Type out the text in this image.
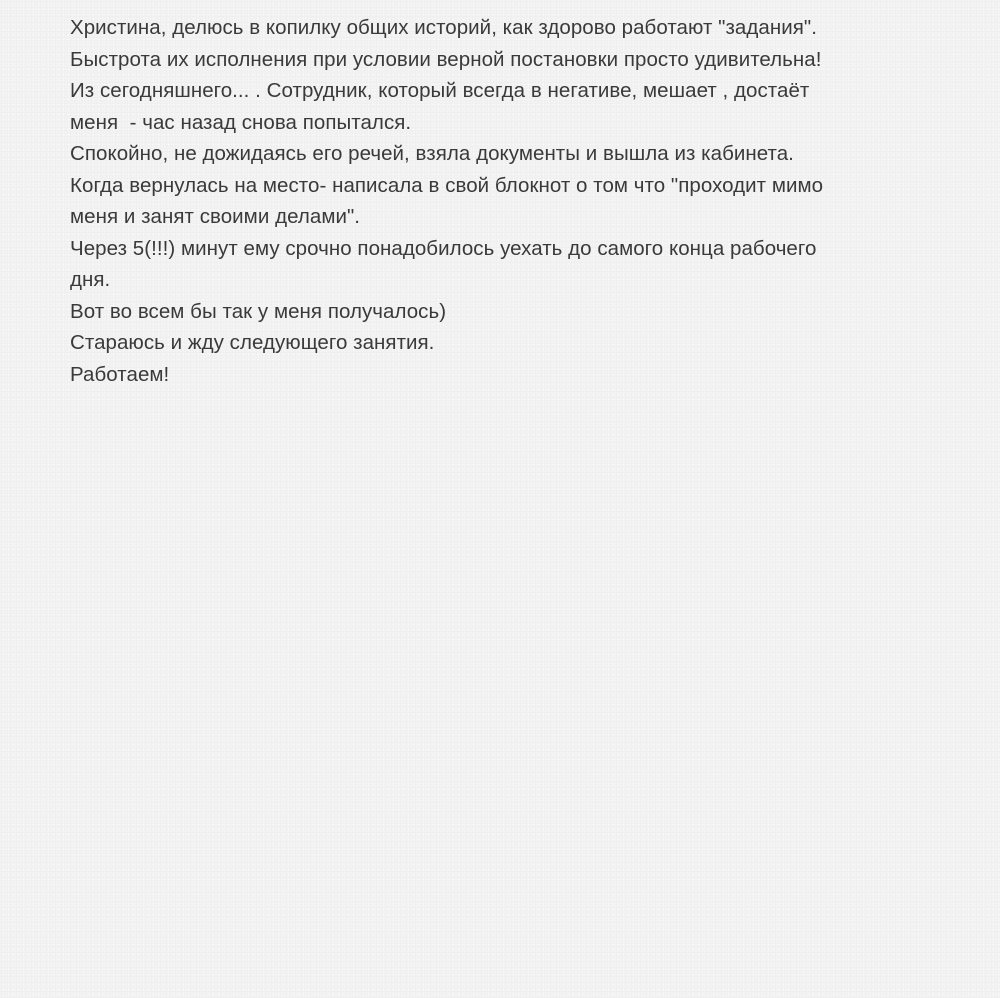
Христина, делюсь в копилку общих историй, как здорово работают "задания".
Быстрота их исполнения при условии верной постановки просто удивительна!
Из сегодняшнего... . Сотрудник, который всегда в негативе, мешает , достаёт
меня  - час назад снова попытался.
Спокойно, не дожидаясь его речей, взяла документы и вышла из кабинета.
Когда вернулась на место- написала в свой блокнот о том что "проходит мимо
меня и занят своими делами".
Через 5(!!!) минут ему срочно понадобилось уехать до самого конца рабочего
дня.
Вот во всем бы так у меня получалось)
Стараюсь и жду следующего занятия.
Работаем!
